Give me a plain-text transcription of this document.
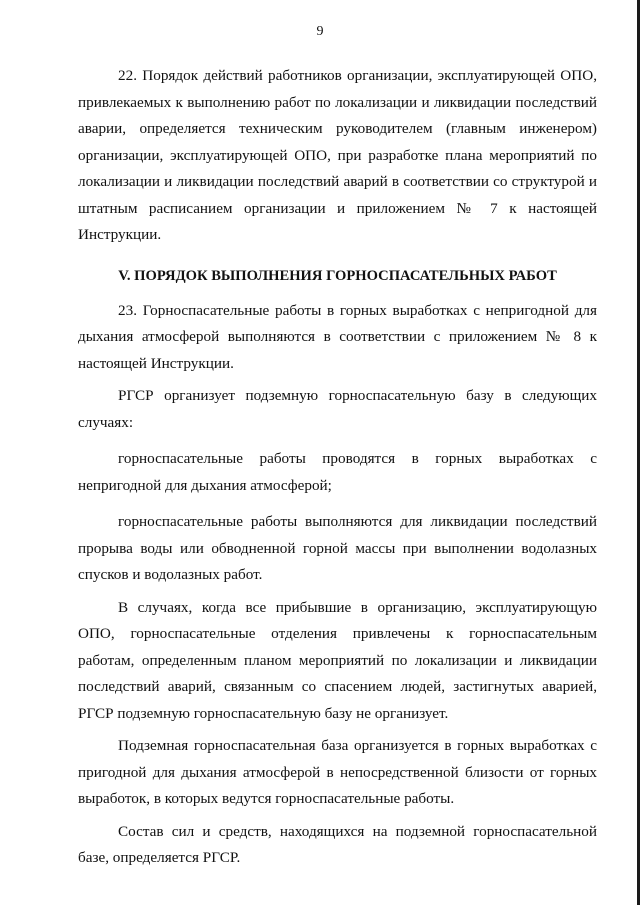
9

22. Порядок действий работников организации, эксплуатирующей ОПО, привлекаемых к выполнению работ по локализации и ликвидации последствий аварии, определяется техническим руководителем (главным инженером) организации, эксплуатирующей ОПО, при разработке плана мероприятий по локализации и ликвидации последствий аварий в соответствии со структурой и штатным расписанием организации и приложением № 7 к настоящей Инструкции.

V. ПОРЯДОК ВЫПОЛНЕНИЯ ГОРНОСПАСАТЕЛЬНЫХ РАБОТ

23. Горноспасательные работы в горных выработках с непригодной для дыхания атмосферой выполняются в соответствии с приложением № 8 к настоящей Инструкции.

РГСР организует подземную горноспасательную базу в следующих случаях:

горноспасательные работы проводятся в горных выработках с непригодной для дыхания атмосферой;

горноспасательные работы выполняются для ликвидации последствий прорыва воды или обводненной горной массы при выполнении водолазных спусков и водолазных работ.

В случаях, когда все прибывшие в организацию, эксплуатирующую ОПО, горноспасательные отделения привлечены к горноспасательным работам, определенным планом мероприятий по локализации и ликвидации последствий аварий, связанным со спасением людей, застигнутых аварией, РГСР подземную горноспасательную базу не организует.

Подземная горноспасательная база организуется в горных выработках с пригодной для дыхания атмосферой в непосредственной близости от горных выработок, в которых ведутся горноспасательные работы.

Состав сил и средств, находящихся на подземной горноспасательной базе, определяется РГСР.
